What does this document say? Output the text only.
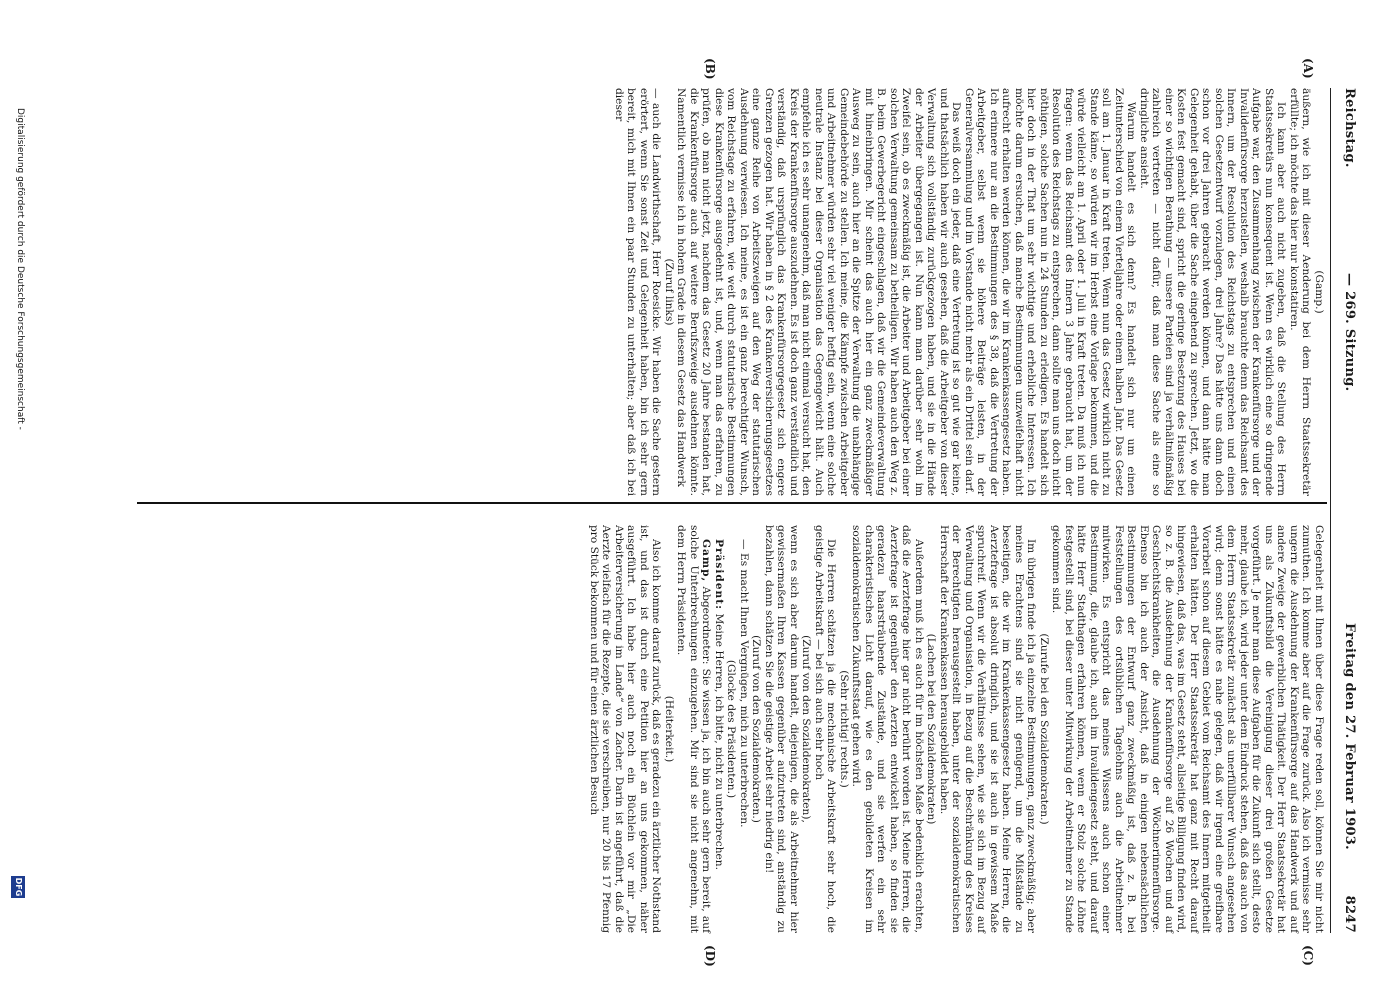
Reichstag.
— 269. Sitzung.
Freitag den 27. Februar 1903.
8247
(A)
(B)
(C)
(D)

(Gamp.)

äußern, wie ich mit dieser Aenderung bei dem Herrn Staatssekretär erfüllte; ich möchte das hier nur konstatiren.

Ich kann aber auch nicht zugeben, daß die Stellung des Herrn Staatssekretärs nun konsequent ist. Wenn es wirklich eine so dringende Aufgabe war, den Zusammenhang zwischen der Krankenfürsorge und der Invalidenfürsorge herzustellen, weshalb brauchte denn das Reichsamt des Innern, um der Resolution des Reichstags zu entsprechen und einen solchen Gesetzentwurf vorzulegen, drei Jahre? Das hätte uns dann doch schon vor drei Jahren gebracht werden können, und dann hätte man Gelegenheit gehabt, über die Sache eingehend zu sprechen. Jetzt, wo die Kosten fest gemacht sind, spricht die geringe Besetzung des Hauses bei einer so wichtigen Berathung — unsere Parteien sind ja verhältnißmäßig zahlreich vertreten — nicht dafür, daß man diese Sache als eine so dringliche ansieht.

Warum handelt es sich denn? Es handelt sich nur um einen Zeitunterschied von einem Vierteljahre oder einem halben Jahr. Das Gesetz soll am 1. Januar in Kraft treten. Wenn nun das Gesetz wirklich nicht zu Stande käme, so würden wir im Herbst eine Vorlage bekommen, und die würde vielleicht am 1. April oder 1. Juli in Kraft treten. Da muß ich nun fragen: wenn das Reichsamt des Innern 3 Jahre gebraucht hat, um der Resolution des Reichstags zu entsprechen, dann sollte man uns doch nicht nöthigen, solche Sachen nun in 24 Stunden zu erledigen. Es handelt sich hier doch in der That um sehr wichtige und erhebliche Interessen. Ich möchte darum ersuchen, daß manche Bestimmungen unzweifelhaft nicht aufrecht erhalten werden können, die wir im Krankenkassengesetz haben. Ich erinnere nur an die Bestimmungen des § 38, daß die Vertretung der Arbeitgeber, selbst wenn sie höhere Beiträge leisten, in der Generalversammlung und im Vorstande nicht mehr als ein Drittel sein darf.

Das weiß doch ein jeder, daß eine Vertretung ist so gut wie gar keine, und thatsächlich haben wir auch gesehen, daß die Arbeitgeber von dieser Verwaltung sich vollständig zurückgezogen haben, und sie in die Hände der Arbeiter übergegangen ist. Nun kann man darüber sehr wohl im Zweifel sein, ob es zweckmäßig ist, die Arbeiter und Arbeitgeber bei einer solchen Verwaltung gemeinsam zu betheiligen. Wir haben auch den Weg z. B. beim Gewerbegericht eingeschlagen, daß wir die Gemeindeverwaltung mit hineinbringen. Mir scheint das auch hier ein ganz zweckmäßiger Ausweg zu sein, auch hier an die Spitze der Verwaltung die unabhängige Gemeindebehörde zu stellen. Ich meine, die Kämpfe zwischen Arbeitgeber und Arbeitnehmer würden sehr viel weniger heftig sein, wenn eine solche neutrale Instanz bei dieser Organisation das Gegengewicht hält. Auch empfehle ich es sehr unangenehm, daß man nicht einmal versucht hat, den Kreis der Krankenfürsorge auszudehnen. Es ist doch ganz verständlich und verständig, daß ursprünglich das Krankenfürsorgegesetz sich engere Grenzen gezogen hat. Wir haben in § 2 des Krankenversicherungsgesetzes eine ganze Reihe von Arbeitszweigen auf den Weg der statutarischen Ausdehnung verwiesen. Ich meine, es ist ein ganz berechtigter Wunsch, vom Reichstage zu erfahren, wie weit durch statutarische Bestimmungen diese Krankenfürsorge ausgedehnt ist, und, wenn man das erfahren, zu prüfen, ob man nicht jetzt, nachdem das Gesetz 20 Jahre bestanden hat, die Krankenfürsorge auch auf weitere Berufszweige ausdehnen könnte. Namentlich vermisse ich in hohem Grade in diesem Gesetz das Handwerk

(Zuruf links)

— auch die Landwirthschaft, Herr Roesicke. Wir haben die Sache gestern erörtert, wenn Sie sonst Zeit und Gelegenheit haben, bin ich sehr gern bereit, mich mit Ihnen ein paar Stunden zu unterhalten; aber daß ich bei dieser

Gelegenheit mit Ihnen über diese Frage reden soll, können Sie mir nicht zumuthen. Ich komme aber auf die Frage zurück. Also ich vermisse sehr ungern die Ausdehnung der Krankenfürsorge auf das Handwerk und auf andere Zweige der gewerblichen Thätigkeit. Der Herr Staatssekretär hat uns als Zukunftsbild die Vereinigung dieser drei großen Gesetze vorgeführt. Je mehr man diese Aufgaben für die Zukunft sich stellt, desto mehr, glaube ich, wird jeder unter dem Eindruck stehen, daß das auch von dem Herrn Staatssekretär zunächst als unerfüllbarer Wunsch angesehen wird; denn sonst hätte es nahe gelegen, daß wir irgend eine greifbare Vorarbeit schon auf diesem Gebiet vom Reichsamt des Innern mitgetheilt erhalten hätten. Der Herr Staatssekretär hat ganz mit Recht darauf hingewiesen, daß das, was im Gesetz steht, allseitige Billigung finden wird, so z. B. die Ausdehnung der Krankenfürsorge auf 26 Wochen und auf Geschlechtskrankheiten, die Ausdehnung der Wöchnerinnenfürsorge. Ebenso bin ich auch der Ansicht, daß in einigen nebensächlichen Bestimmungen der Entwurf ganz zweckmäßig ist, daß z. B. bei Feststellungen des ortsüblichen Tagelohns auch die Arbeitnehmer mitwirken. Es entspricht das meines Wissens auch schon einer Bestimmung, die, glaube ich, auch im Invalidengesetz steht, und darauf hätte Herr Stadthagen erfahren können, wenn er Stolz solche Löhne festgestellt sind, bei dieser unter Mitwirkung der Arbeitnehmer zu Stande gekommen sind.

(Zurufe bei den Sozialdemokraten.)

Im übrigen finde ich ja einzelne Bestimmungen, ganz zweckmäßig; aber meines Erachtens sind sie nicht genügend, um die Mißstände zu beseitigen, die wir im Krankenkassengesetz haben. Meine Herren, die Aerztefrage ist absolut dringlich, und sie ist auch in gewissem Maße spruchreif. Wenn wir die Verhältnisse sehen, wie sie sich im Bezug auf Verwaltung und Organisation, in Bezug auf die Beschränkung des Kreises der Berechtigten herausgestellt haben, unter der sozialdemokratischen Herrschaft der Krankenkassen herausgebildet haben.

(Lachen bei den Sozialdemokraten)

Außerdem muß ich es auch für im höchsten Maße bedenklich erachten, daß die Aerztefrage hier gar nicht berührt worden ist. Meine Herren, die Aerztefrage ist gegenüber den Aerzten entwickelt haben, so finden sie geradezu haarsträubende Zustände, und sie werfen ein sehr charakteristisches Licht darauf, wie es den gebildeten Kreisen im sozialdemokratischen Zukunftsstaat gehen wird.

(Sehr richtig! rechts.)

Die Herren schätzen ja die mechanische Arbeitskraft sehr hoch, die geistige Arbeitskraft — bei sich auch sehr hoch

(Zuruf von den Sozialdemokraten),

wenn es sich aber darum handelt, diejenigen, die als Arbeitnehmer hier gewissermaßen Ihren Kassen gegenüber aufzutreten sind, anständig zu bezahlen, dann schätzen Sie die geistige Arbeit sehr niedrig ein!

(Zuruf von den Sozialdemokraten.)

— Es macht Ihnen Vergnügen, mich zu unterbrechen.

(Glocke des Präsidenten.)

Präsident: Meine Herren, ich bitte, nicht zu unterbrechen.

Gamp, Abgeordneter: Sie wissen ja, ich bin auch sehr gern bereit, auf solche Unterbrechungen einzugehen. Mir sind sie nicht angenehm, mit dem Herrn Präsidenten.

(Heiterkeit.)

Also ich komme darauf zurück, daß es geradezu ein ärztlicher Nothstand ist, und das ist durch eine Petition hier an uns gekommen, näher ausgeführt. Ich habe hier auch noch ein Büchlein vor mir „Die Arbeiterversicherung im Lande“ von Zacher. Darin ist angeführt, daß die Aerzte vielfach für die Rezepte, die sie verschreiben, nur 20 bis 17 Pfennig pro Stück bekommen und für einen ärztlichen Besuch

Digitalisierung gefördert durch die Deutsche Forschungsgemeinschaft -
DFG
